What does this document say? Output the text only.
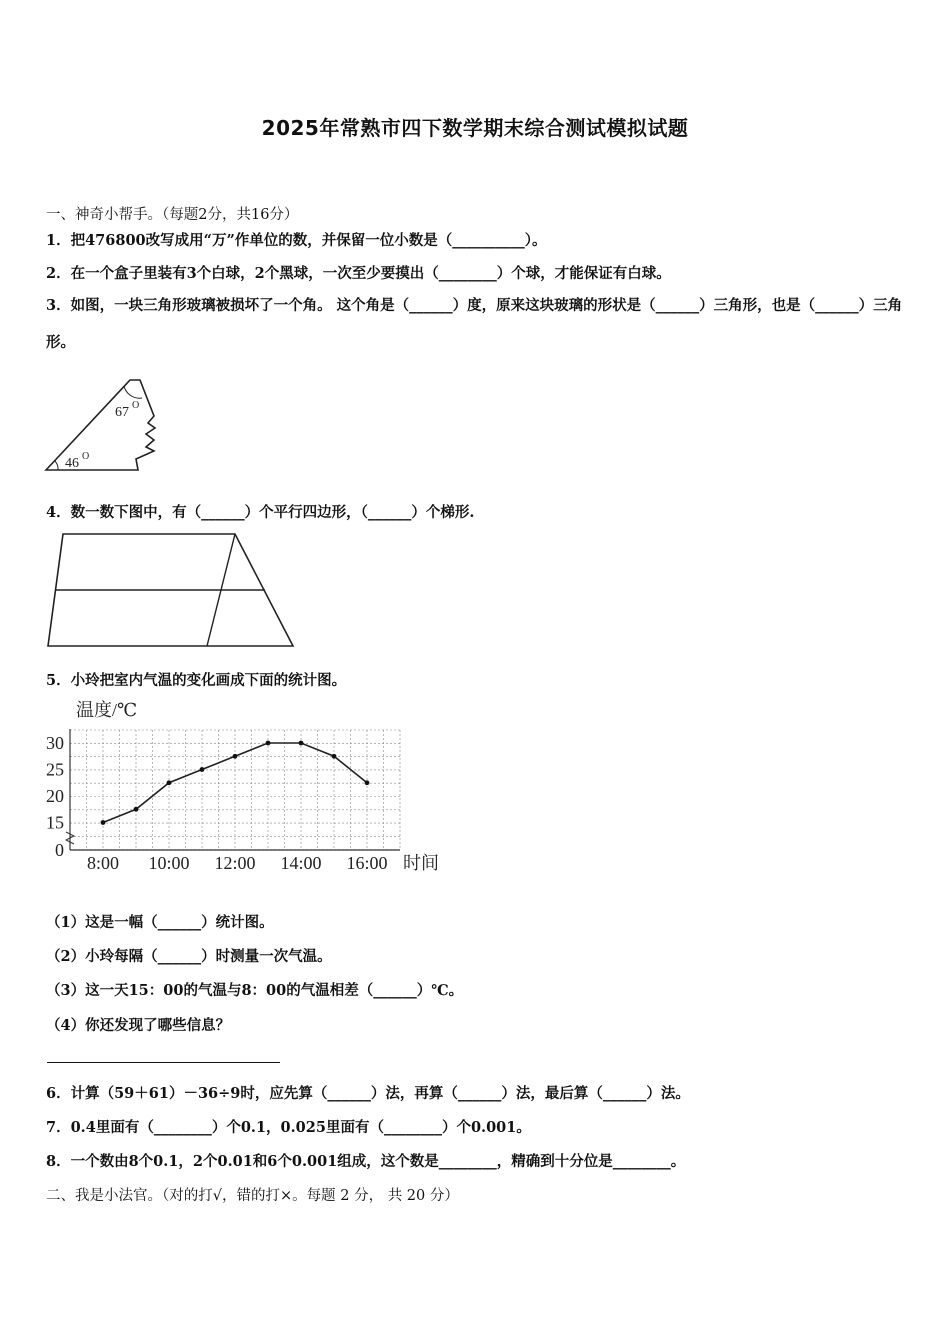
2025年常熟市四下数学期末综合测试模拟试题
一、神奇小帮手。（每题2分，共16分）
1．把476800改写成用“万”作单位的数，并保留一位小数是（__________）。
2．在一个盒子里装有3个白球，2个黑球，一次至少要摸出（________）个球，才能保证有白球。
3．如图，一块三角形玻璃被损坏了一个角。 这个角是（______）度，原来这块玻璃的形状是（______）三角形，也是（______）三角形。
67 O
46 O
4．数一数下图中，有（______）个平行四边形，（______）个梯形.
5．小玲把室内气温的变化画成下面的统计图。
温度/℃
30
25
20
15
0
8:00 10:00 12:00 14:00 16:00 时间
（1）这是一幅（______）统计图。
（2）小玲每隔（______）时测量一次气温。
（3）这一天15：00的气温与8：00的气温相差（______）℃。
（4）你还发现了哪些信息？
6．计算（59＋61）－36÷9时，应先算（______）法，再算（______）法，最后算（______）法。
7．0.4里面有（________）个0.1，0.025里面有（________）个0.001。
8．一个数由8个0.1，2个0.01和6个0.001组成，这个数是________，精确到十分位是________。
二、我是小法官。（对的打√，错的打×。每题 2 分， 共 20 分）
